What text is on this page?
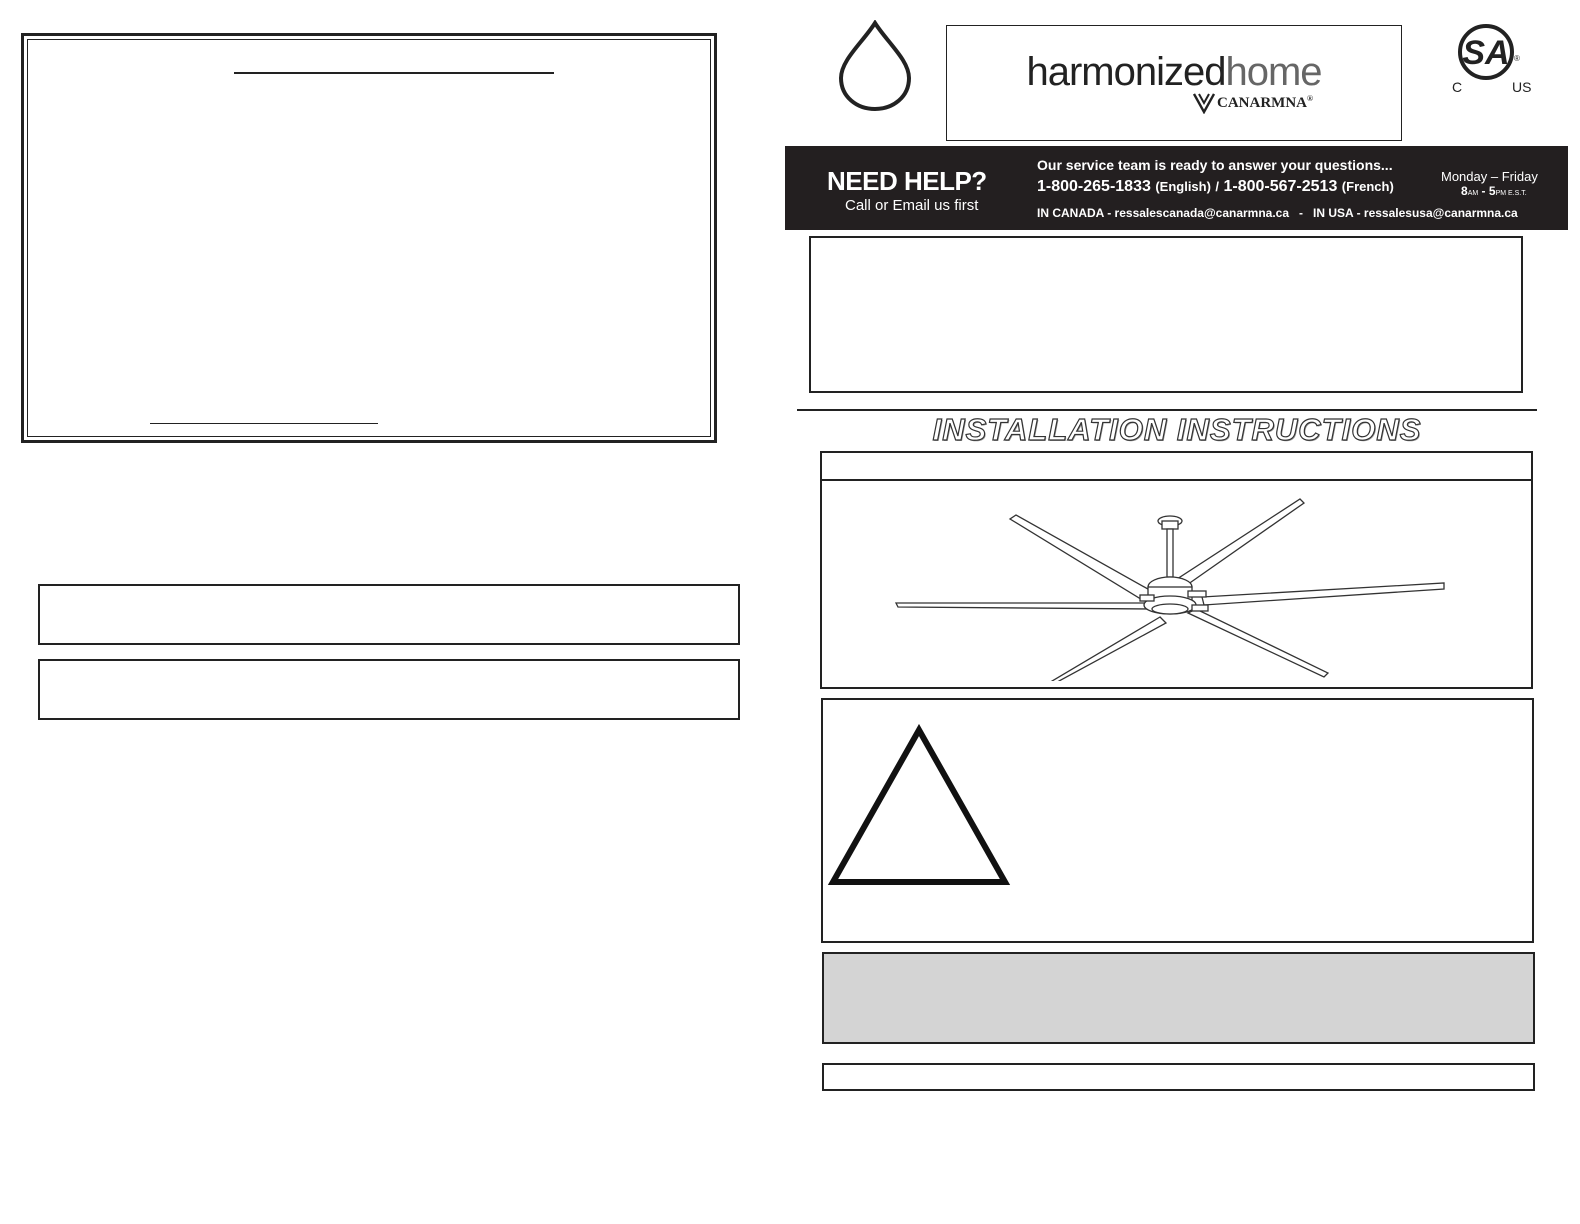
harmonizedhome
CANARMNA®
SA ®
C	US
NEED HELP?
Call or Email us first
Our service team is ready to answer your questions...
1-800-265-1833 (English) / 1-800-567-2513 (French)
IN CANADA - ressalescanada@canarmna.ca   -   IN USA - ressalesusa@canarmna.ca
Monday – Friday
8AM - 5PM E.S.T.
INSTALLATION INSTRUCTIONS
